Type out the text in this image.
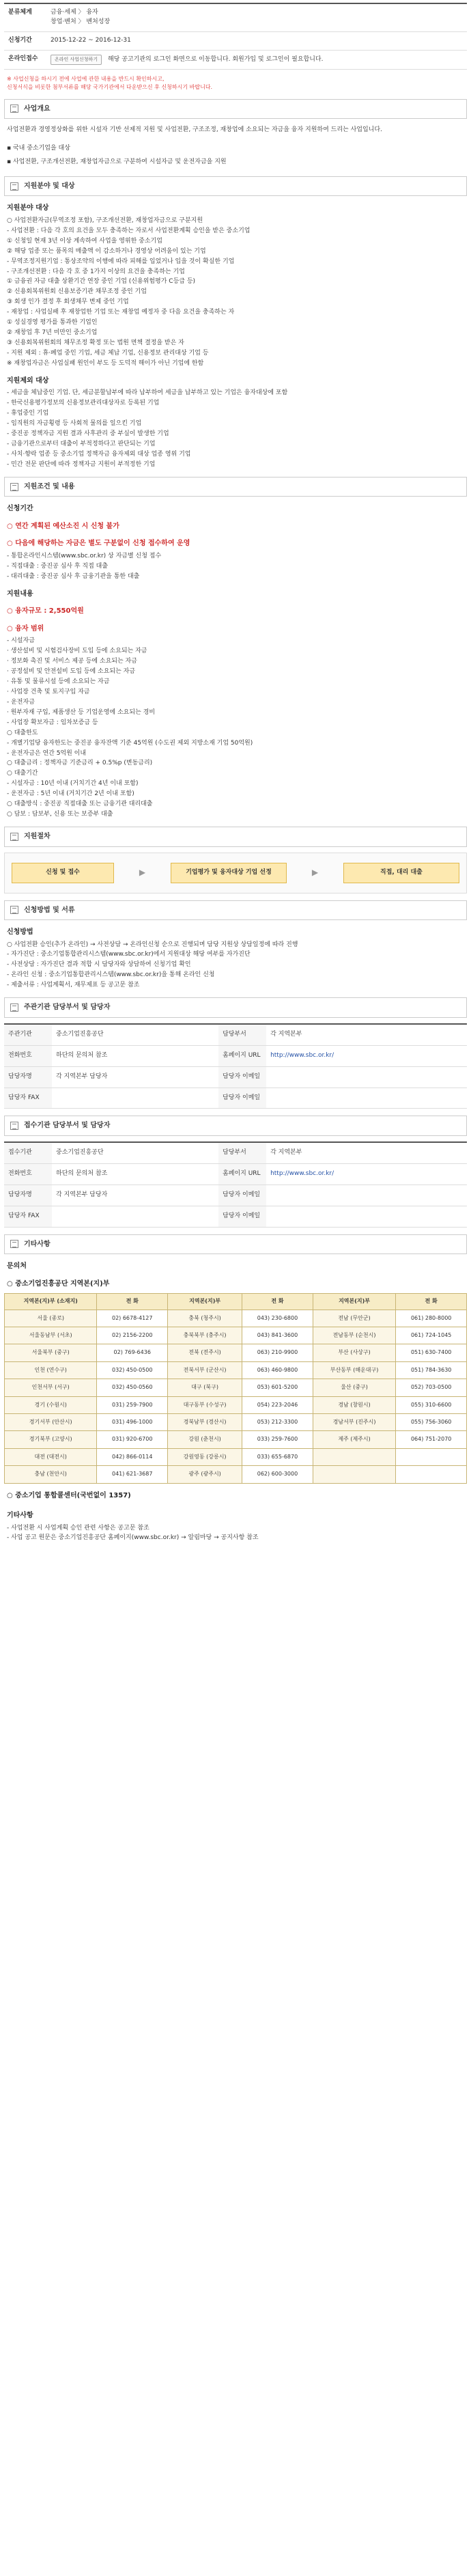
분류체계	금융·세제 〉 융자
창업·벤처 〉 벤처성장

신청기간	2015-12-22 ~ 2016-12-31
온라인접수	온라인 사업신청하기 해당 공고기관의 로그인 화면으로 이동합니다. 회원가입 및 로그인이 필요합니다.
※ 사업신청을 하시기 전에 사업에 관한 내용을 반드시 확인하시고,
신청서식을 비롯한 첨부서류를 해당 국가기관에서 다운받으신 후 신청하시기 바랍니다.
사업개요

사업전환과 경영정상화를 위한 시설자 기반 선제적 지원 및 사업전환, 구조조정, 재창업에 소요되는 자금을 융자 지원하여 드리는 사업입니다.

▪ 국내 중소기업을 대상
▪ 사업전환, 구조개선전환, 재창업자금으로 구분하여 시설자금 및 운전자금을 지원
지원분야 및 대상
지원분야 대상

○ 사업전환자금(무역조정 포함), 구조개선전환, 재창업자금으로 구분지원

- 사업전환 : 다음 각 호의 요건을 모두 충족하는 자로서 사업전환계획 승인을 받은 중소기업

① 신청일 현재 3년 이상 계속하여 사업을 영위한 중소기업

② 해당 업종 또는 품목의 매출액 이 감소하거나 경영상 어려움이 있는 기업

- 무역조정지원기업 : 통상조약의 이행에 따라 피해를 입었거나 입을 것이 확실한 기업

- 구조개선전환 : 다음 각 호 중 1가지 이상의 요건을 충족하는 기업

① 금융권 자금 대출 상환기간 연장 중인 기업 (신용위험평가 C등급 등)

② 신용회복위원회 신용보증기관 채무조정 중인 기업

③ 회생 인가 결정 후 회생채무 변제 중인 기업

- 재창업 : 사업실패 후 재창업한 기업 또는 재창업 예정자 중 다음 요건을 충족하는 자

① 성실경영 평가를 통과한 기업인

② 재창업 후 7년 미만인 중소기업

③ 신용회복위원회의 채무조정 확정 또는 법원 면책 결정을 받은 자

- 지원 제외 : 휴·폐업 중인 기업, 세금 체납 기업, 신용정보 관리대상 기업 등

※ 재창업자금은 사업실패 원인이 부도 등 도덕적 해이가 아닌 기업에 한함

지원제외 대상

- 세금을 체납중인 기업. 단, 세금분할납부에 따라 납부하여 세금을 납부하고 있는 기업은 융자대상에 포함

- 한국신용평가정보의 신용정보관리대상자로 등록된 기업

- 휴업중인 기업

- 임직원의 자금횡령 등 사회적 물의를 일으킨 기업

- 중진공 정책자금 지원 결과 사후관리 중 부실이 발생한 기업

- 금융기관으로부터 대출이 부적정하다고 판단되는 기업

- 사치·향락 업종 등 중소기업 정책자금 융자제외 대상 업종 영위 기업

- 민간 전문 판단에 따라 정책자금 지원이 부적정한 기업

지원조건 및 내용
신청기간
○ 연간 계획된 예산소진 시 신청 불가
○ 다음에 해당하는 자금은 별도 구분없이 신청 접수하여 운영

- 통합온라인시스템(www.sbc.or.kr) 상 자금별 신청 접수

- 직접대출 : 중진공 심사 후 직접 대출

- 대리대출 : 중진공 심사 후 금융기관을 통한 대출

지원내용
○ 융자규모 : 2,550억원
○ 융자 범위

- 시설자금

· 생산설비 및 시험검사장비 도입 등에 소요되는 자금

· 정보화 촉진 및 서비스 제공 등에 소요되는 자금

· 공정설비 및 안전설비 도입 등에 소요되는 자금

· 유통 및 물류시설 등에 소요되는 자금

· 사업장 건축 및 토지구입 자금

- 운전자금

· 원부자재 구입, 제품생산 등 기업운영에 소요되는 경비

- 사업장 확보자금 : 임차보증금 등

○ 대출한도

- 개별기업당 융자한도는 중진공 융자잔액 기준 45억원 (수도권 제외 지방소재 기업 50억원)

- 운전자금은 연간 5억원 이내

○ 대출금리 : 정책자금 기준금리 + 0.5%p (변동금리)

○ 대출기간

- 시설자금 : 10년 이내 (거치기간 4년 이내 포함)

- 운전자금 : 5년 이내 (거치기간 2년 이내 포함)

○ 대출방식 : 중진공 직접대출 또는 금융기관 대리대출

○ 담보 : 담보부, 신용 또는 보증부 대출

지원절차
신청 및 접수	▶	기업평가 및 융자대상 기업 선정	▶	직접, 대리 대출
신청방법 및 서류
신청방법

○ 사업전환 승인(추가 온라인) → 사전상담 → 온라인신청 순으로 진행되며 담당 지원상 상담일정에 따라 진행

- 자가진단 : 중소기업통합관리시스템(www.sbc.or.kr)에서 지원대상 해당 여부를 자가진단

- 사전상담 : 자가진단 결과 적합 시 담당자와 상담하여 신청기업 확인

- 온라인 신청 : 중소기업통합관리시스템(www.sbc.or.kr)을 통해 온라인 신청

- 제출서류 : 사업계획서, 재무제표 등 공고문 참조

주관기관 담당부서 및 담당자
주관기관	중소기업진흥공단	담당부서	각 지역본부
전화번호	하단의 문의처 참조	홈페이지 URL	http://www.sbc.or.kr/
담당자명	각 지역본부 담당자	담당자 이메일	
담당자 FAX		담당자 이메일	
접수기관 담당부서 및 담당자
접수기관	중소기업진흥공단	담당부서	각 지역본부
전화번호	하단의 문의처 참조	홈페이지 URL	http://www.sbc.or.kr/
담당자명	각 지역본부 담당자	담당자 이메일	
담당자 FAX		담당자 이메일	
기타사항
문의처
○ 중소기업진흥공단 지역본(지)부
지역본(지)부 (소재지)	전 화	지역본(지)부	전 화	지역본(지)부	전 화
서울 (종로)	02) 6678-4127	충북 (청주시)	043) 230-6800	전남 (무안군)	061) 280-8000
서울동남부 (서초)	02) 2156-2200	충북북부 (충주시)	043) 841-3600	전남동부 (순천시)	061) 724-1045
서울북부 (중구)	02) 769-6436	전북 (전주시)	063) 210-9900	부산 (사상구)	051) 630-7400
인천 (연수구)	032) 450-0500	전북서부 (군산시)	063) 460-9800	부산동부 (해운대구)	051) 784-3630
인천서부 (서구)	032) 450-0560	대구 (북구)	053) 601-5200	울산 (중구)	052) 703-0500
경기 (수원시)	031) 259-7900	대구동부 (수성구)	054) 223-2046	경남 (창원시)	055) 310-6600
경기서부 (안산시)	031) 496-1000	경북남부 (경산시)	053) 212-3300	경남서부 (진주시)	055) 756-3060
경기북부 (고양시)	031) 920-6700	강원 (춘천시)	033) 259-7600	제주 (제주시)	064) 751-2070
대전 (대전시)	042) 866-0114	강원영동 (강릉시)	033) 655-6870		
충남 (천안시)	041) 621-3687	광주 (광주시)	062) 600-3000		
○ 중소기업 통합콜센터(국번없이 1357)
기타사항

- 사업전환 시 사업계획 승인 관련 사항은 공고문 참조

- 사업 공고 원문은 중소기업진흥공단 홈페이지(www.sbc.or.kr) → 알림마당 → 공지사항 참조
